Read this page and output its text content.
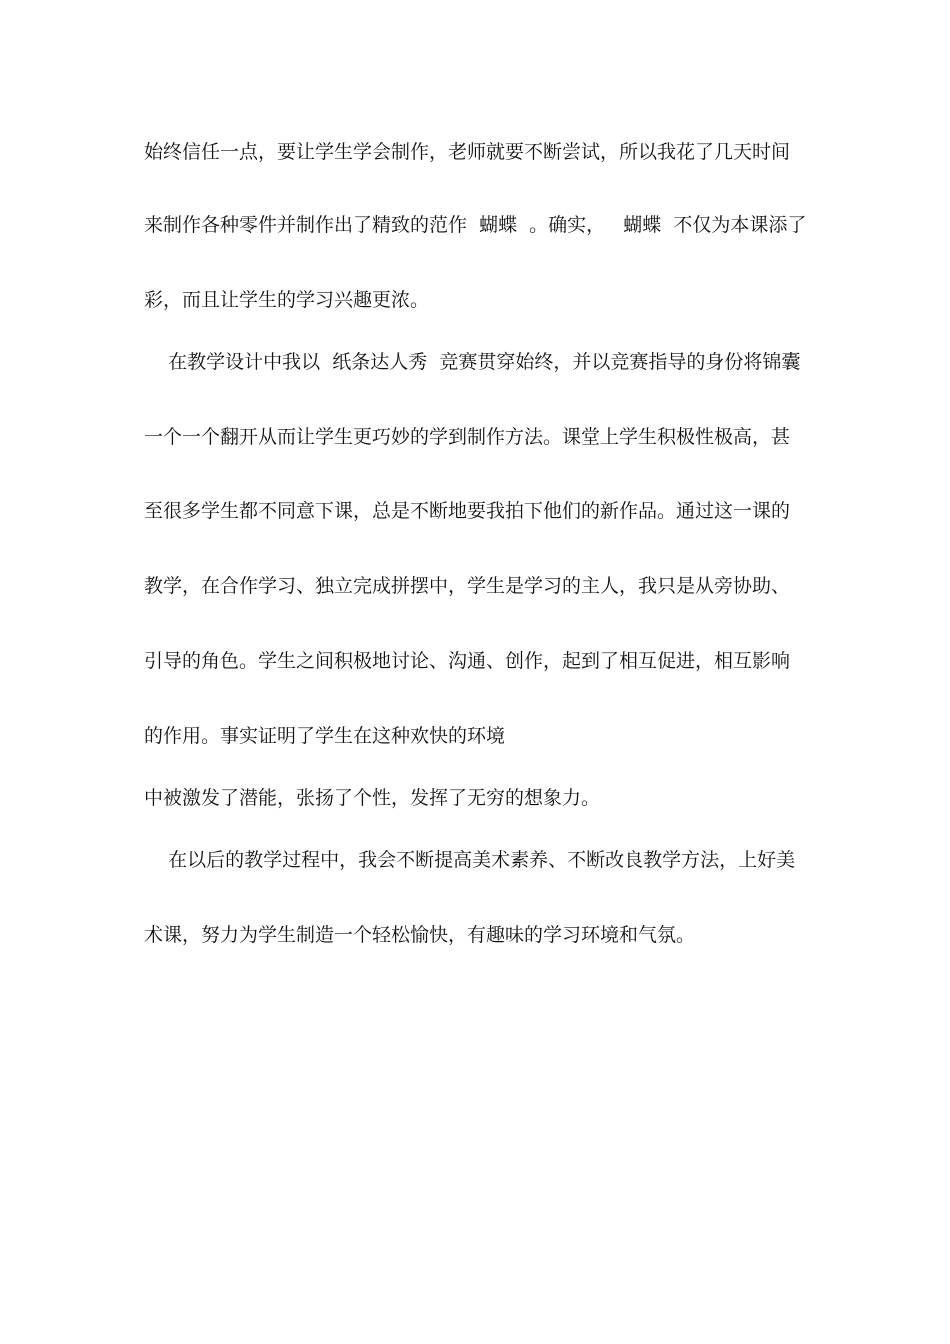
始终信任一点，要让学生学会制作，老师就要不断尝试，所以我花了几天时间
来制作各种零件并制作出了精致的范作  蝴蝶  。确实，   蝴蝶  不仅为本课添了
彩，而且让学生的学习兴趣更浓。
在教学设计中我以  纸条达人秀  竞赛贯穿始终，并以竞赛指导的身份将锦囊
一个一个翻开从而让学生更巧妙的学到制作方法。课堂上学生积极性极高，甚
至很多学生都不同意下课，总是不断地要我拍下他们的新作品。通过这一课的
教学，在合作学习、独立完成拼摆中，学生是学习的主人，我只是从旁协助、
引导的角色。学生之间积极地讨论、沟通、创作，起到了相互促进，相互影响
的作用。事实证明了学生在这种欢快的环境
中被激发了潜能，张扬了个性，发挥了无穷的想象力。
在以后的教学过程中，我会不断提高美术素养、不断改良教学方法，上好美
术课，努力为学生制造一个轻松愉快，有趣味的学习环境和气氛。
